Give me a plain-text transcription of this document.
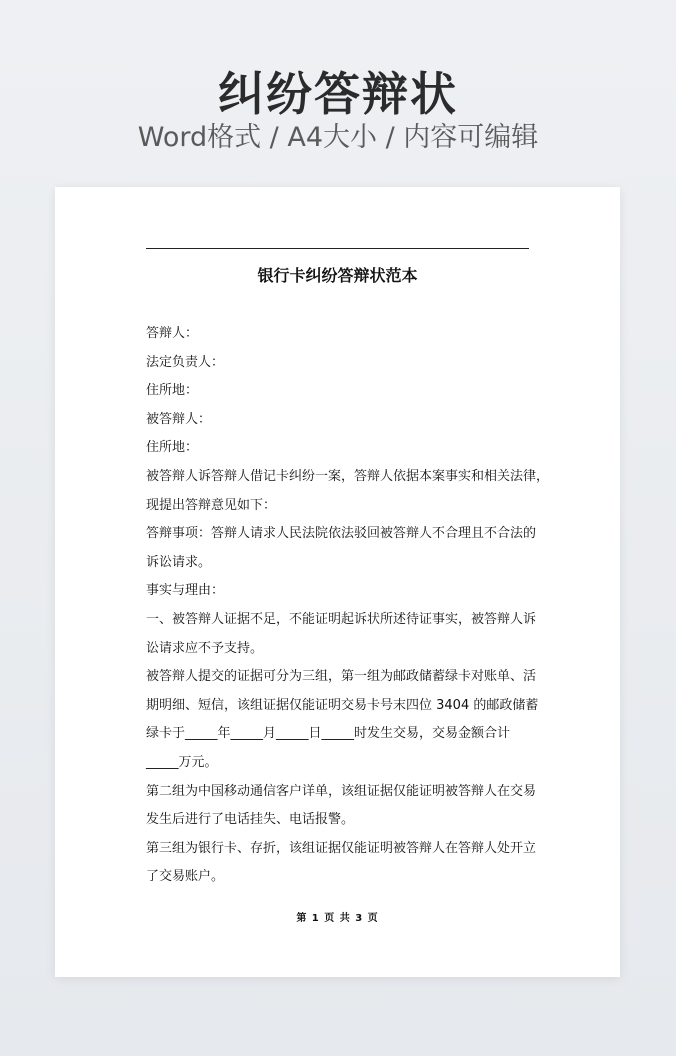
纠纷答辩状
Word格式 / A4大小 / 内容可编辑
银行卡纠纷答辩状范本
答辩人：
法定负责人：
住所地：
被答辩人：
住所地：
被答辩人诉答辩人借记卡纠纷一案，答辩人依据本案事实和相关法律，
现提出答辩意见如下：
答辩事项：答辩人请求人民法院依法驳回被答辩人不合理且不合法的
诉讼请求。
事实与理由：
一、被答辩人证据不足，不能证明起诉状所述待证事实，被答辩人诉
讼请求应不予支持。
被答辩人提交的证据可分为三组，第一组为邮政储蓄绿卡对账单、活
期明细、短信，该组证据仅能证明交易卡号末四位 3404 的邮政储蓄
绿卡于_____年_____月_____日_____时发生交易，交易金额合计
_____万元。
第二组为中国移动通信客户详单，该组证据仅能证明被答辩人在交易
发生后进行了电话挂失、电话报警。
第三组为银行卡、存折，该组证据仅能证明被答辩人在答辩人处开立
了交易账户。
第 1 页 共 3 页
